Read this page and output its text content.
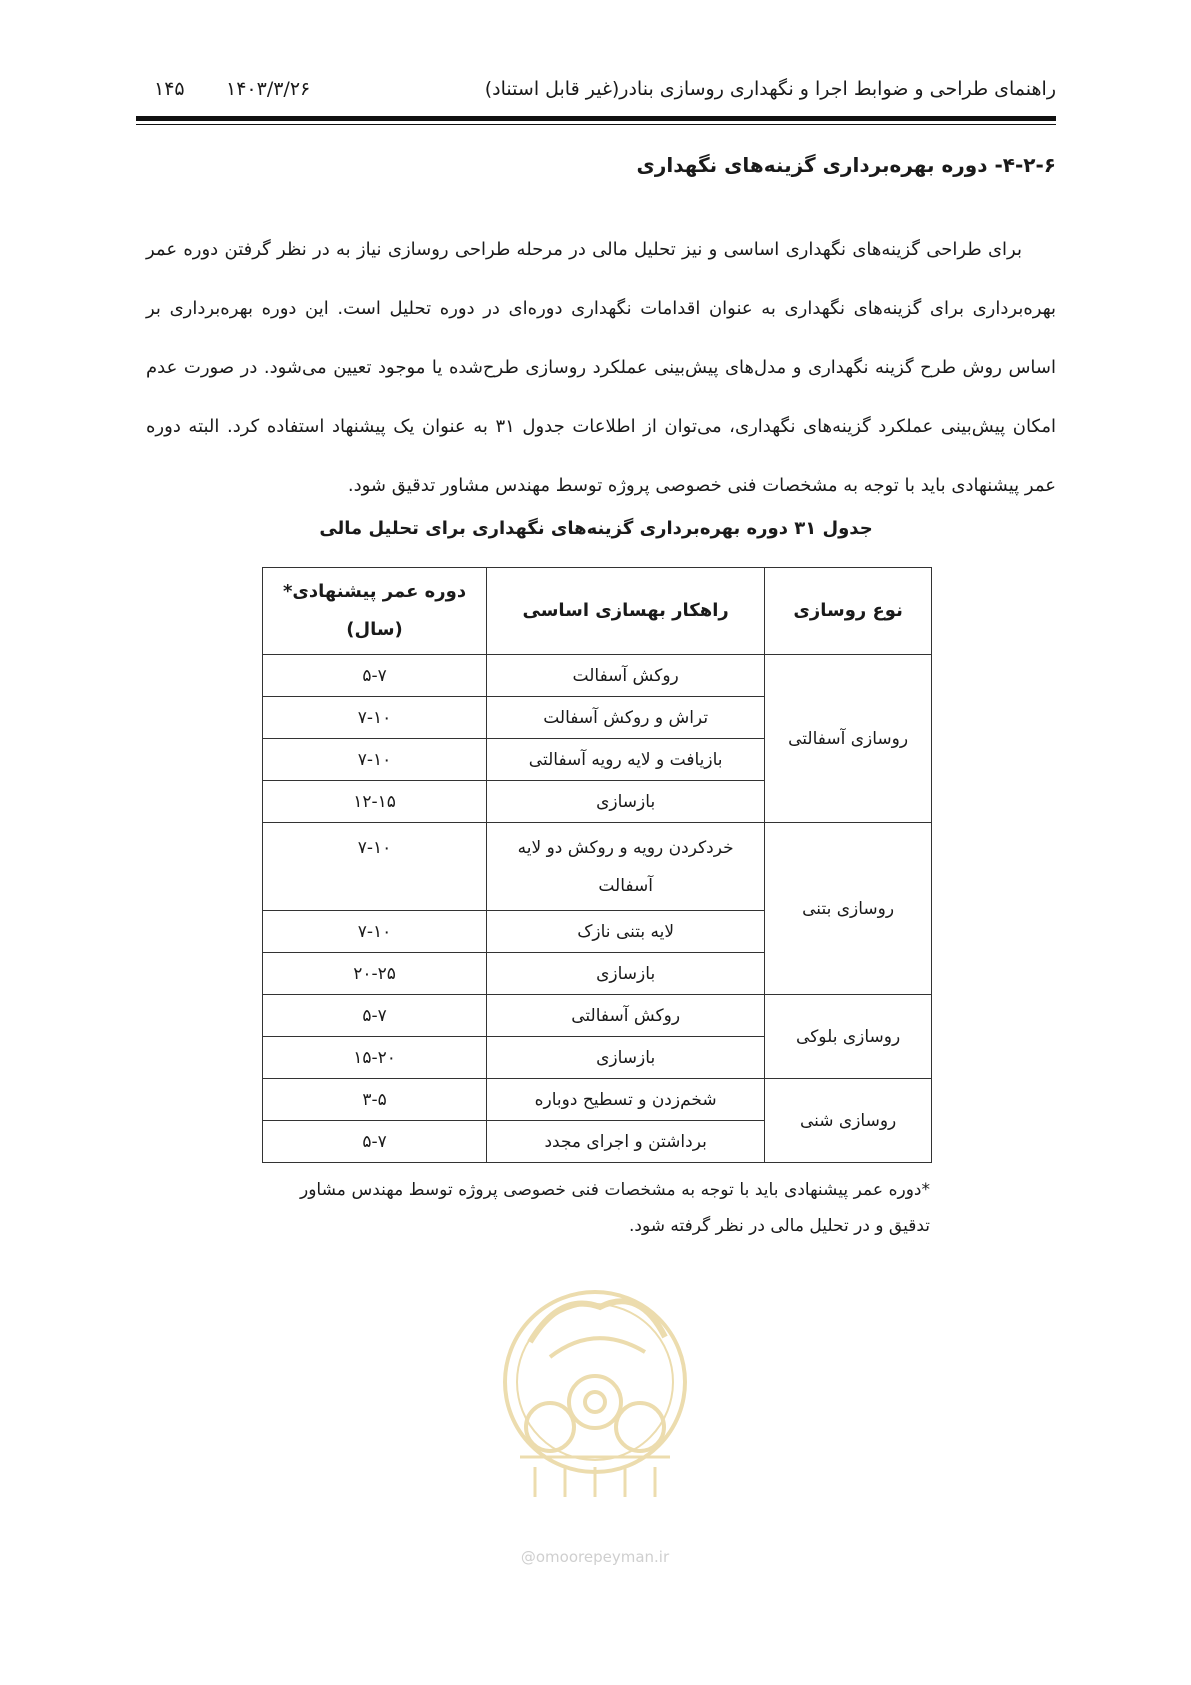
راهنمای طراحی و ضوابط اجرا و نگهداری روسازی بنادر(غیر قابل استناد)
۱۴۰۳/۳/۲۶
۱۴۵
۴-۲-۶- دوره بهره‌برداری گزینه‌های نگهداری

برای طراحی گزینه‌های نگهداری اساسی و نیز تحلیل مالی در مرحله طراحی روسازی نیاز به در نظر گرفتن دوره عمر بهره‌برداری برای گزینه‌های نگهداری به عنوان اقدامات نگهداری دوره‌ای در دوره تحلیل است. این دوره بهره‌برداری بر اساس روش طرح گزینه نگهداری و مدل‌های پیش‌بینی عملکرد روسازی طرح‌شده یا موجود تعیین می‌شود. در صورت عدم امکان پیش‌بینی عملکرد گزینه‌های نگهداری، می‌توان از اطلاعات جدول ۳۱ به عنوان یک پیشنهاد استفاده کرد. البته دوره عمر پیشنهادی باید با توجه به مشخصات فنی خصوصی پروژه توسط مهندس مشاور تدقیق شود.

جدول ۳۱ دوره بهره‌برداری گزینه‌های نگهداری برای تحلیل مالی
نوع روسازی	راهکار بهسازی اساسی	دوره عمر پیشنهادی* (سال)
روسازی آسفالتی	روکش آسفالت	۵-۷
	تراش و روکش آسفالت	۷-۱۰
	بازیافت و لایه رویه آسفالتی	۷-۱۰
	بازسازی	۱۲-۱۵
روسازی بتنی	خردکردن رویه و روکش دو لایه آسفالت	۷-۱۰
	لایه بتنی نازک	۷-۱۰
	بازسازی	۲۰-۲۵
روسازی بلوکی	روکش آسفالتی	۵-۷
	بازسازی	۱۵-۲۰
روسازی شنی	شخم‌زدن و تسطیح دوباره	۳-۵
	برداشتن و اجرای مجدد	۵-۷

*دوره عمر پیشنهادی باید با توجه به مشخصات فنی خصوصی پروژه توسط مهندس مشاور تدقیق و در تحلیل مالی در نظر گرفته شود.

@omoorepeyman.ir
